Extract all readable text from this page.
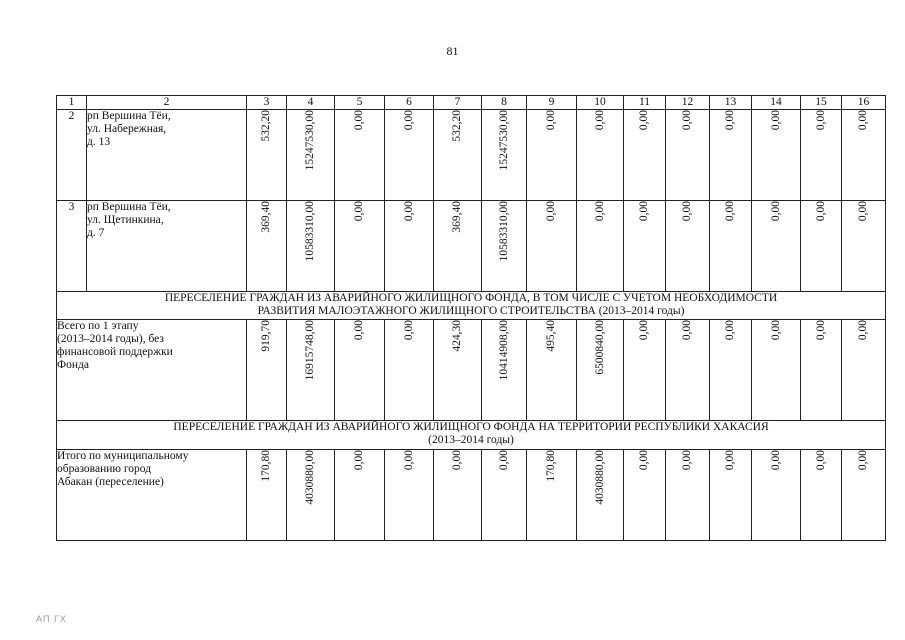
81
1	2	3	4	5	6	7	8	9	10	11	12	13	14	15	16
2	рп Вершина Тёи,
ул. Набережная,
д. 13	532,20	15247530,00	0,00	0,00	532,20	15247530,00	0,00	0,00	0,00	0,00	0,00	0,00	0,00	0,00
3	рп Вершина Тёи,
ул. Щетинкина,
д. 7	369,40	10583310,00	0,00	0,00	369,40	10583310,00	0,00	0,00	0,00	0,00	0,00	0,00	0,00	0,00

ПЕРЕСЕЛЕНИЕ ГРАЖДАН ИЗ АВАРИЙНОГО ЖИЛИЩНОГО ФОНДА, В ТОМ ЧИСЛЕ С УЧЕТОМ НЕОБХОДИМОСТИ
РАЗВИТИЯ МАЛОЭТАЖНОГО ЖИЛИЩНОГО СТРОИТЕЛЬСТВА (2013–2014 годы)															

Всего по 1 этапу
(2013–2014 годы), без
финансовой поддержки
Фонда		919,70	16915748,00	0,00	0,00	424,30	10414908,00	495,40	6500840,00	0,00	0,00	0,00	0,00	0,00	0,00

ПЕРЕСЕЛЕНИЕ ГРАЖДАН ИЗ АВАРИЙНОГО ЖИЛИЩНОГО ФОНДА НА ТЕРРИТОРИИ РЕСПУБЛИКИ ХАКАСИЯ
(2013–2014 годы)															

Итого по муниципальному
образованию город
Абакан (переселение)		170,80	4030880,00	0,00	0,00	0,00	0,00	170,80	4030880,00	0,00	0,00	0,00	0,00	0,00	0,00
AП ГХ
